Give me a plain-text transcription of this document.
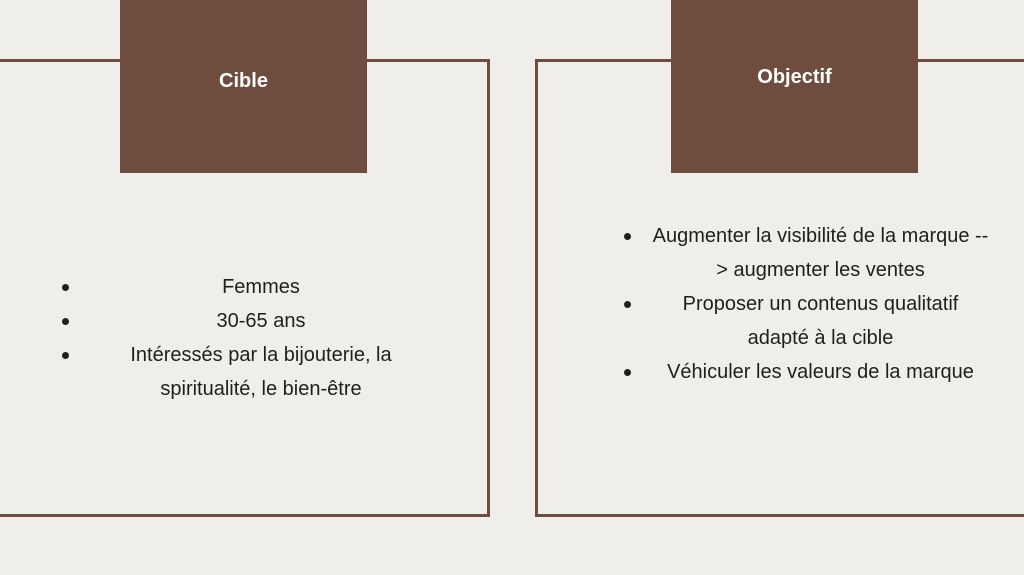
Cible	Objectif
Femmes
30-65 ans
Intéressés par la bijouterie, la spiritualité, le bien-être
Augmenter la visibilité de la marque --> augmenter les ventes
Proposer un contenus qualitatif adapté à la cible
Véhiculer les valeurs de la marque
